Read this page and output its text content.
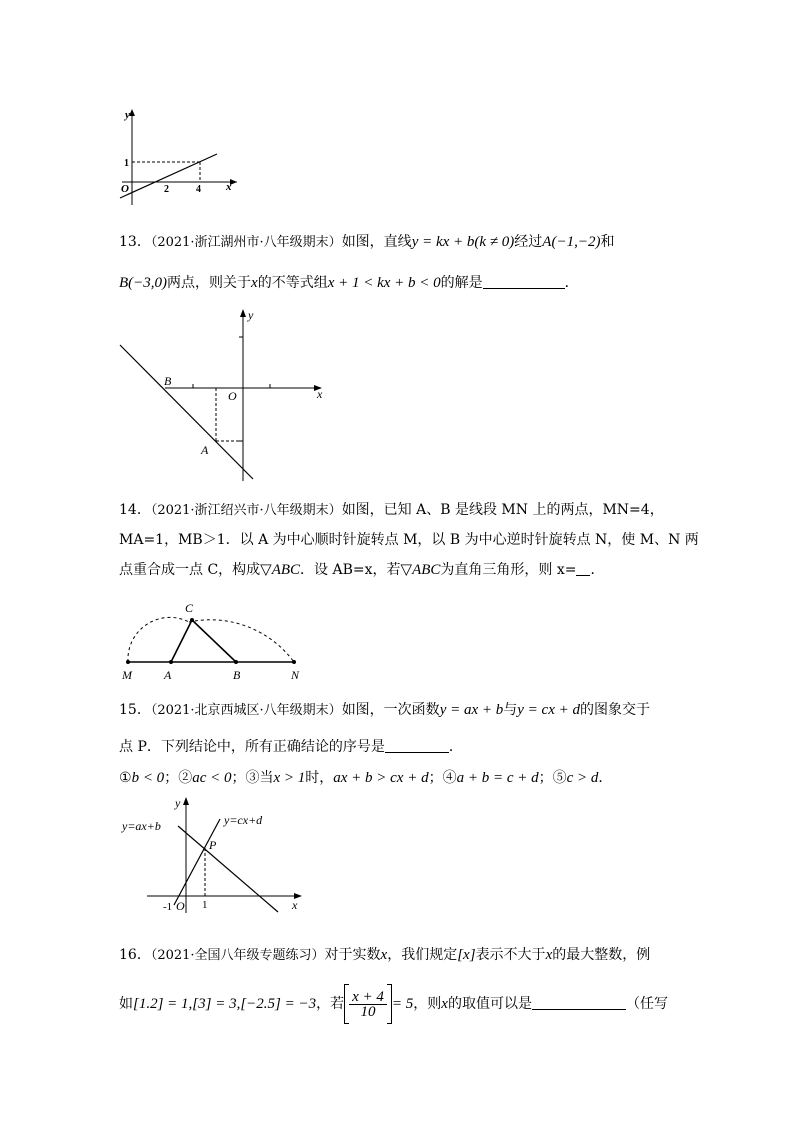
y
x
O
1
2	4
13．（2021·浙江湖州市·八年级期末）如图，直线y = kx + b(k ≠ 0)经过A(−1,−2)和
B(−3,0)两点，则关于x的不等式组x + 1 < kx + b < 0的解是	．
y
x
O
B
A
14．（2021·浙江绍兴市·八年级期末）如图，已知 A、B 是线段 MN 上的两点，MN=4，
MA=1，MB＞1．以 A 为中心顺时针旋转点 M，以 B 为中心逆时针旋转点 N，使 M、N 两
点重合成一点 C，构成▽ABC．设 AB=x，若▽ABC为直角三角形，则 x= ．
M	A	B	N
C
15．（2021·北京西城区·八年级期末）如图，一次函数y = ax + b与y = cx + d的图象交于
点 P．下列结论中，所有正确结论的序号是	．
①b < 0；②ac < 0；③当x > 1时，ax + b > cx + d；④a + b = c + d；⑤c > d．
y
x
O
P
-1	1
y=ax+b	y=cx+d
16．（2021·全国八年级专题练习）对于实数x，我们规定[x]表示不大于x的最大整数，例
如[1.2] = 1,[3] = 3,[−2.5] = −3，若 $\frac{x + 4}{10} = 5$，则x的取值可以是	（任写
